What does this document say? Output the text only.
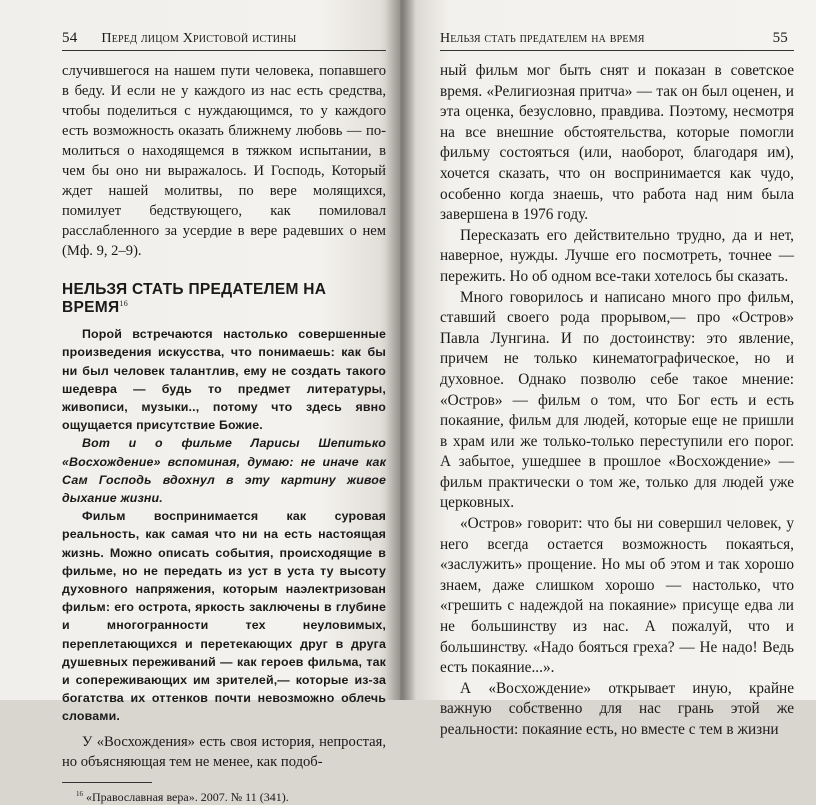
54 Перед лицом Христовой истины

случившегося на нашем пути человека, попавшего в беду. И если не у каждого из нас есть средства, чтобы поделиться с нуждающимся, то у каждого есть возможность оказать ближнему любовь — по-молиться о находящемся в тяжком испытании, в чем бы оно ни выражалось. И Господь, Который ждет нашей молитвы, по вере молящихся, помилует бедствующего, как помиловал расслабленного за усердие в вере радевших о нем (Мф. 9, 2–9).

НЕЛЬЗЯ СТАТЬ ПРЕДАТЕЛЕМ НА ВРЕМЯ$^{16}$

Порой встречаются настолько совершенные произведения искусства, что понимаешь: как бы ни был человек талантлив, ему не создать такого шедевра — будь то предмет литературы, живописи, музыки.., потому что здесь явно ощущается присутствие Божие.

Вот и о фильме Ларисы Шепитько «Восхождение» вспоминая, думаю: не иначе как Сам Господь вдохнул в эту картину живое дыхание жизни.

Фильм воспринимается как суровая реальность, как самая что ни на есть настоящая жизнь. Можно описать события, происходящие в фильме, но не передать из уст в уста ту высоту духовного напряжения, которым наэлектризован фильм: его острота, яркость заключены в глубине и многогранности тех неуловимых, переплетающихся и перетекающих друг в друга душевных переживаний — как героев фильма, так и сопереживающих им зрителей,— которые из-за богатства их оттенков почти невозможно облечь словами.

У «Восхождения» есть своя история, непростая, но объясняющая тем не менее, как подоб-

$^{16}$ «Православная вера». 2007. № 11 (341).
Нельзя стать предателем на время	55

ный фильм мог быть снят и показан в советское время. «Религиозная притча» — так он был оценен, и эта оценка, безусловно, правдива. Поэтому, несмотря на все внешние обстоятельства, которые помогли фильму состояться (или, наоборот, благодаря им), хочется сказать, что он воспринимается как чудо, особенно когда знаешь, что работа над ним была завершена в 1976 году.

Пересказать его действительно трудно, да и нет, наверное, нужды. Лучше его посмотреть, точнее — пережить. Но об одном все-таки хотелось бы сказать.

Много говорилось и написано много про фильм, ставший своего рода прорывом,— про «Остров» Павла Лунгина. И по достоинству: это явление, причем не только кинематографическое, но и духовное. Однако позволю себе такое мнение: «Остров» — фильм о том, что Бог есть и есть покаяние, фильм для людей, которые еще не пришли в храм или же только-только переступили его порог. А забытое, ушедшее в прошлое «Восхождение» — фильм практически о том же, только для людей уже церковных.

«Остров» говорит: что бы ни совершил человек, у него всегда остается возможность покаяться, «заслужить» прощение. Но мы об этом и так хорошо знаем, даже слишком хорошо — настолько, что «грешить с надеждой на покаяние» присуще едва ли не большинству из нас. А пожалуй, что и большинству. «Надо бояться греха? — Не надо! Ведь есть покаяние...».

А «Восхождение» открывает иную, крайне важную собственно для нас грань этой же реальности: покаяние есть, но вместе с тем в жизни
